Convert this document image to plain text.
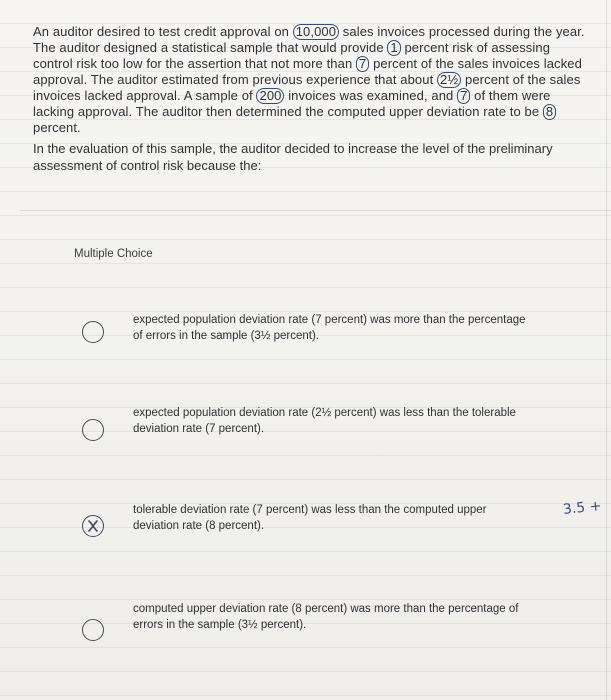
An auditor desired to test credit approval on 10,000 sales invoices processed during the year. The auditor designed a statistical sample that would provide 1 percent risk of assessing control risk too low for the assertion that not more than 7 percent of the sales invoices lacked approval. The auditor estimated from previous experience that about 2½ percent of the sales invoices lacked approval. A sample of 200 invoices was examined, and 7 of them were lacking approval. The auditor then determined the computed upper deviation rate to be 8 percent.
In the evaluation of this sample, the auditor decided to increase the level of the preliminary assessment of control risk because the:
Multiple Choice
expected population deviation rate (7 percent) was more than the percentage of errors in the sample (3½ percent).
expected population deviation rate (2½ percent) was less than the tolerable deviation rate (7 percent).
tolerable deviation rate (7 percent) was less than the computed upper deviation rate (8 percent).
computed upper deviation rate (8 percent) was more than the percentage of errors in the sample (3½ percent).
3.5 +
